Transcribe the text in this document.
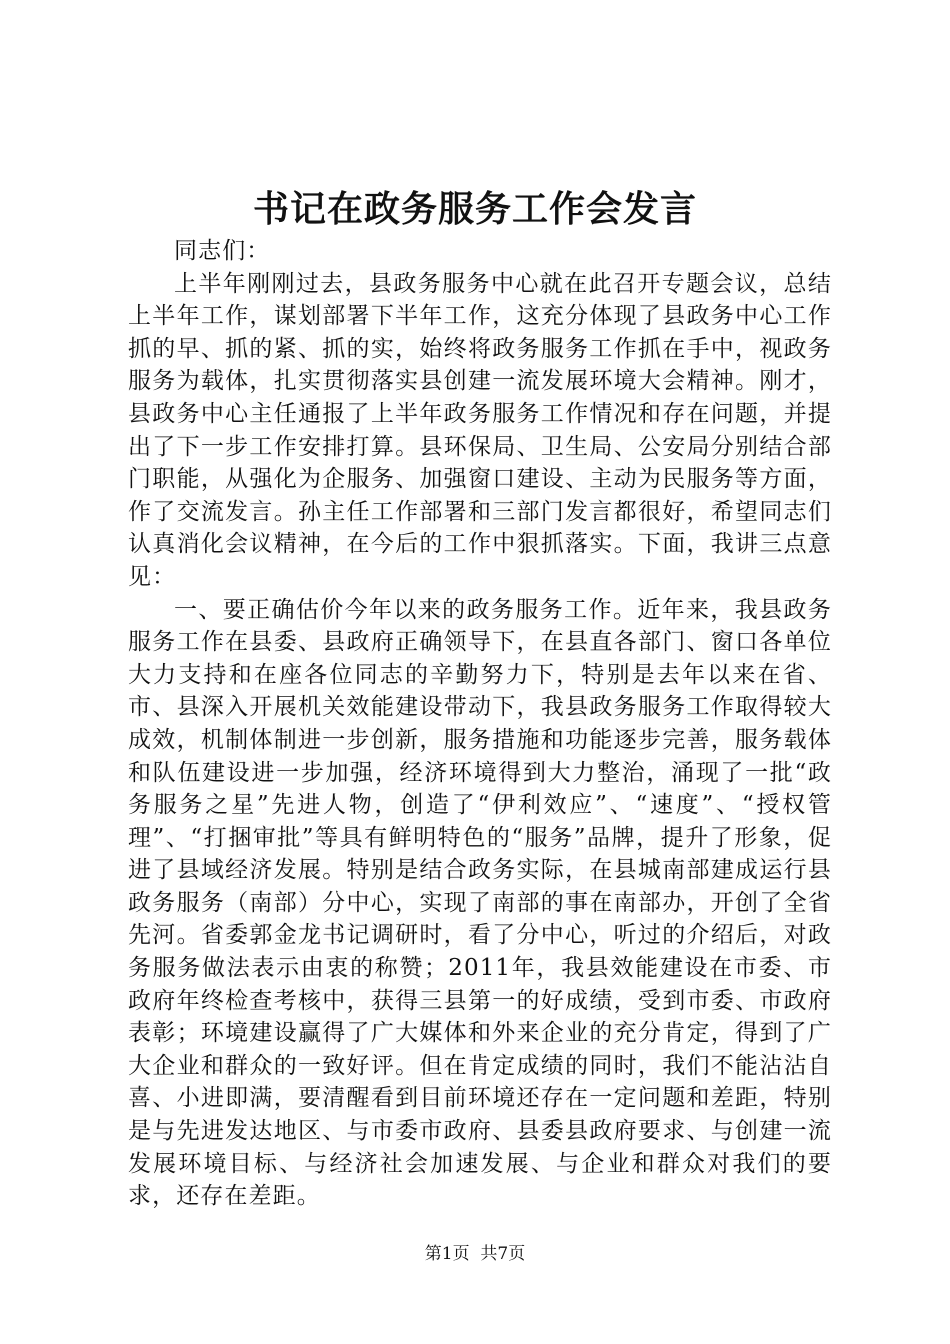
书记在政务服务工作会发言

同志们：

上半年刚刚过去，县政务服务中心就在此召开专题会议，总结上半年工作，谋划部署下半年工作，这充分体现了县政务中心工作抓的早、抓的紧、抓的实，始终将政务服务工作抓在手中，视政务服务为载体，扎实贯彻落实县创建一流发展环境大会精神。刚才，县政务中心主任通报了上半年政务服务工作情况和存在问题，并提出了下一步工作安排打算。县环保局、卫生局、公安局分别结合部门职能，从强化为企服务、加强窗口建设、主动为民服务等方面，作了交流发言。孙主任工作部署和三部门发言都很好，希望同志们认真消化会议精神，在今后的工作中狠抓落实。下面，我讲三点意见：

一、要正确估价今年以来的政务服务工作。近年来，我县政务服务工作在县委、县政府正确领导下，在县直各部门、窗口各单位大力支持和在座各位同志的辛勤努力下，特别是去年以来在省、市、县深入开展机关效能建设带动下，我县政务服务工作取得较大成效，机制体制进一步创新，服务措施和功能逐步完善，服务载体和队伍建设进一步加强，经济环境得到大力整治，涌现了一批“政务服务之星”先进人物，创造了“伊利效应”、“速度”、“授权管理”、“打捆审批”等具有鲜明特色的“服务”品牌，提升了形象，促进了县域经济发展。特别是结合政务实际，在县城南部建成运行县政务服务（南部）分中心，实现了南部的事在南部办，开创了全省先河。省委郭金龙书记调研时，看了分中心，听过的介绍后，对政务服务做法表示由衷的称赞；2011年，我县效能建设在市委、市政府年终检查考核中，获得三县第一的好成绩，受到市委、市政府表彰；环境建设赢得了广大媒体和外来企业的充分肯定，得到了广大企业和群众的一致好评。但在肯定成绩的同时，我们不能沾沾自喜、小进即满，要清醒看到目前环境还存在一定问题和差距，特别是与先进发达地区、与市委市政府、县委县政府要求、与创建一流发展环境目标、与经济社会加速发展、与企业和群众对我们的要求，还存在差距。

第1页  共7页
